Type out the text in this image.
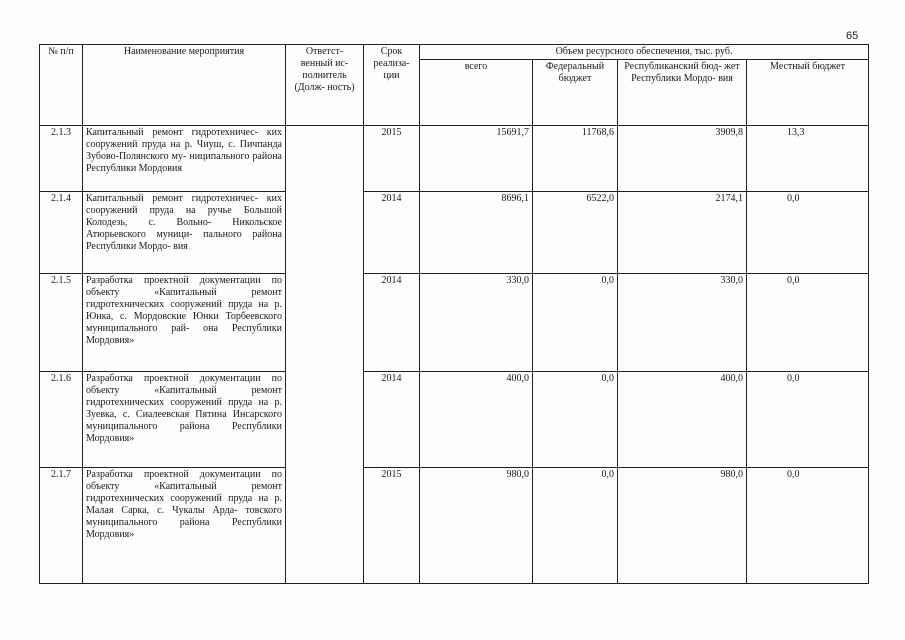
65
№ п/п	Наименование мероприятия	Ответст- венный ис- полнитель (Долж- ность)	Срок реализа- ции	Объем ресурсного обеспечения, тыс. руб.			
				всего	Федеральный бюджет	Республиканский бюд- жет Республики Мордо- вия	Местный бюджет
2.1.3	Капитальный ремонт гидротехничес- ких сооружений пруда на р. Чиуш, с. Пичпанда Зубово-Полянского му- ниципального района Республики Мордовия		2015	15691,7	11768,6	3909,8	13,3
2.1.4	Капитальный ремонт гидротехничес- ких сооружений пруда на ручье Большой Колодезь, с. Вольно- Никольское Атюрьевского муници- пального района Республики Мордо- вия		2014	8696,1	6522,0	2174,1	0,0
2.1.5	Разработка проектной документации по объекту «Капитальный ремонт гидротехнических сооружений пруда на р. Юнка, с. Мордовские Юнки Торбеевского муниципального рай- она Республики Мордовия»		2014	330,0	0,0	330,0	0,0
2.1.6	Разработка проектной документации по объекту «Капитальный ремонт гидротехнических сооружений пруда на р. Зуевка, с. Сиалеевская Пятина Инсарского муниципального района Республики Мордовия»		2014	400,0	0,0	400,0	0,0
2.1.7	Разработка проектной документации по объекту «Капитальный ремонт гидротехнических сооружений пруда на р. Малая Сарка, с. Чукалы Арда- товского муниципального района Республики Мордовия»		2015	980,0	0,0	980,0	0,0
